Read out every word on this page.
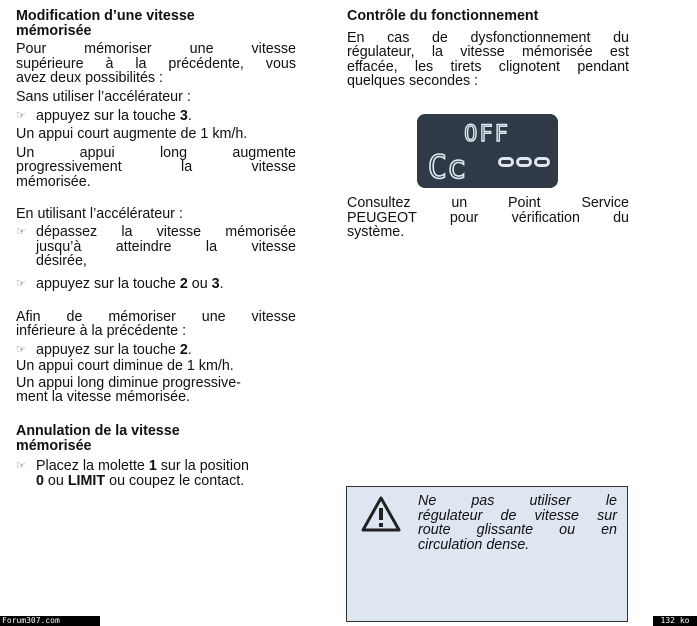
Modification d’une vitesse
mémorisée

Pour mémoriser une vitesse

supérieure à la précédente, vous

avez deux possibilités :

Sans utiliser l’accélérateur :

☞ appuyez sur la touche 3.

Un appui court augmente de 1 km/h.

Un appui long augmente

progressivement la vitesse

mémorisée.

En utilisant l’accélérateur :

☞ dépassez la vitesse mémorisée
jusqu’à atteindre la vitesse
désirée,
☞ appuyez sur la touche 2 ou 3.

Afin de mémoriser une vitesse

inférieure à la précédente :

☞ appuyez sur la touche 2.

Un appui court diminue de 1 km/h.

Un appui long diminue progressive-

ment la vitesse mémorisée.

Annulation de la vitesse
mémorisée
☞ Placez la molette 1 sur la position
0 ou LIMIT ou coupez le contact.
Contrôle du fonctionnement

En cas de dysfonctionnement du

régulateur, la vitesse mémorisée est

effacée, les tirets clignotent pendant

quelques secondes :

OFF
Cc

Consultez un Point Service

PEUGEOT pour vérification du

système.

Ne pas utiliser le
régulateur de vitesse sur
route glissante ou en
circulation dense.
Forum307.com	132 ko
